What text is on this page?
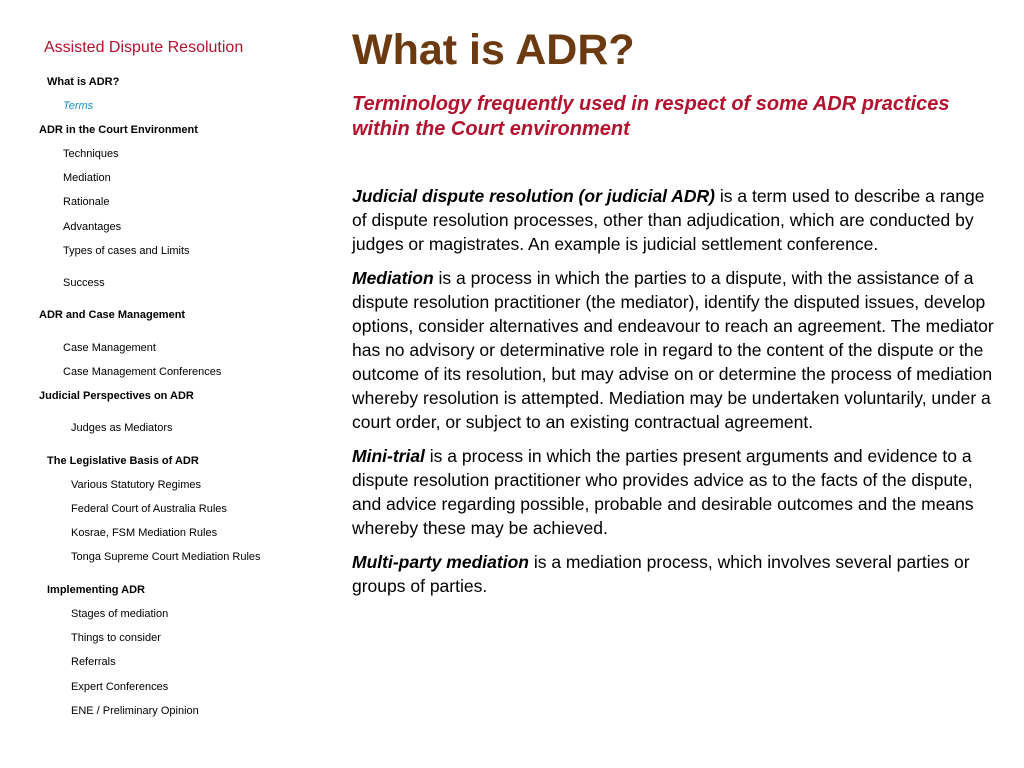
Assisted Dispute Resolution
What is ADR?
Terms
ADR in the Court Environment
Techniques
Mediation
Rationale
Advantages
Types of cases and Limits
Success
ADR and Case Management
Case Management
Case Management Conferences
Judicial Perspectives on ADR
Judges as Mediators
The Legislative Basis of ADR
Various Statutory Regimes
Federal Court of Australia Rules
Kosrae, FSM Mediation Rules
Tonga Supreme Court Mediation Rules
Implementing ADR
Stages of mediation
Things to consider
Referrals
Expert Conferences
ENE / Preliminary Opinion
What is ADR?
Terminology frequently used in respect of some ADR practices within the Court environment

Judicial dispute resolution (or judicial ADR) is a term used to describe a range of dispute resolution processes, other than adjudication, which are conducted by judges or magistrates. An example is judicial settlement conference.

Mediation is a process in which the parties to a dispute, with the assistance of a dispute resolution practitioner (the mediator), identify the disputed issues, develop options, consider alternatives and endeavour to reach an agreement. The mediator has no advisory or determinative role in regard to the content of the dispute or the outcome of its resolution, but may advise on or determine the process of mediation whereby resolution is attempted. Mediation may be undertaken voluntarily, under a court order, or subject to an existing contractual agreement.

Mini-trial is a process in which the parties present arguments and evidence to a dispute resolution practitioner who provides advice as to the facts of the dispute, and advice regarding possible, probable and desirable outcomes and the means whereby these may be achieved.

Multi-party mediation is a mediation process, which involves several parties or groups of parties.
